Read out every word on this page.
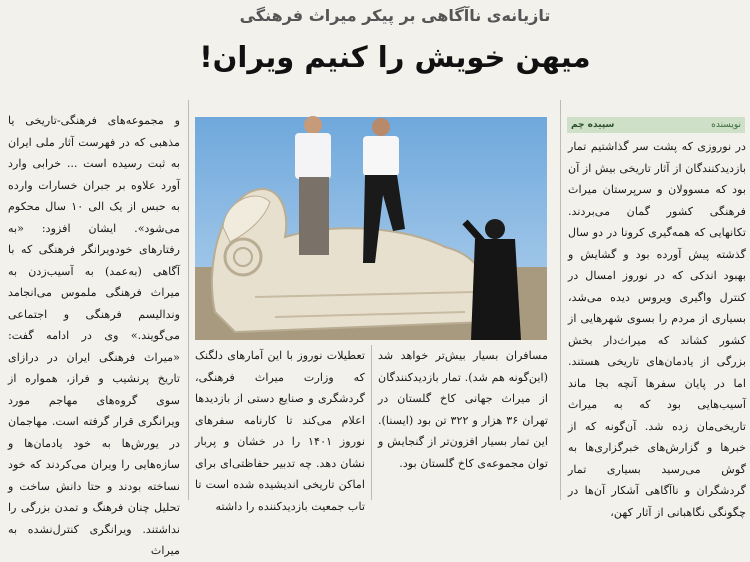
تازیانه‌ی ناآگاهی بر پیکر میراث فرهنگی
میهن خویش را کنیم ویران!
نویسنده
سپیده چم

در نوروزی که پشت سر گذاشتیم تمار بازدیدکنندگان از آثار تاریخی بیش از آن بود که مسوولان و سرپرستان میراث فرهنگی کشور گمان می‌بردند. تکانهایی که همه‌گیری کرونا در دو سال گذشته پیش آورده بود و گشایش و بهبود اندکی که در نوروز امسال در کنترل واگیری ویروس دیده می‌شد، بسیاری از مردم را بسوی شهرهایی از کشور کشاند که میراث‌دار بخش بزرگی از یادمان‌های تاریخی هستند. اما در پایان سفرها آنچه بجا ماند آسیب‌هایی بود که به میراث تاریخی‌مان زده شد. آن‌گونه که از خبرها و گزارش‌های خبرگزاری‌ها به گوش می‌رسید بسیاری تمار گردشگران و ناآگاهی آشکار آن‌ها در چگونگی نگاهبانی از آثار کهن،

مسافران بسیار بیش‌تر خواهد شد (این‌گونه هم شد). تمار بازدیدکنندگان از میراث جهانی کاخ گلستان در تهران ۳۶ هزار و ۳۲۲ تن بود (ایسنا). این تمار بسیار افزون‌تر از گنجایش و توان مجموعه‌ی کاخ گلستان بود.

تعطیلات نوروز با این آمارهای دلگنک که وزارت میراث فرهنگی، گردشگری و صنایع دستی از بازدیدها اعلام می‌کند تا کارنامه سفرهای نوروز ۱۴۰۱ را در خشان و پربار نشان دهد. چه تدبیر حفاظتی‌ای برای اماکن تاریخی اندیشیده شده است تا تاب جمعیت بازدیدکننده را داشته

و مجموعه‌های فرهنگی-تاریخی یا مذهبی که در فهرست آثار ملی ایران به ثبت رسیده است ... خرابی وارد آورد علاوه بر جبران خسارات وارده به حبس از یک الی ۱۰ سال محکوم می‌شود». ایشان افزود: «به رفتارهای خودویرانگر فرهنگی که با آگاهی (به‌عمد) به آسیب‌زدن به میراث فرهنگی ملموس می‌انجامد وندالیسم فرهنگی و اجتماعی می‌گویند.» وی در ادامه گفت: «میراث فرهنگی ایران در درازای تاریخ پرنشیب و فراز، همواره از سوی گروه‌های مهاجم مورد ویرانگری قرار گرفته است. مهاجمان در یورش‌ها به خود یادمان‌ها و سازه‌هایی را ویران می‌کردند که خود نساخته بودند و حتا دانش ساخت و تحلیل چنان فرهنگ و تمدن بزرگی را نداشتند. ویرانگری کنترل‌نشده به میراث
